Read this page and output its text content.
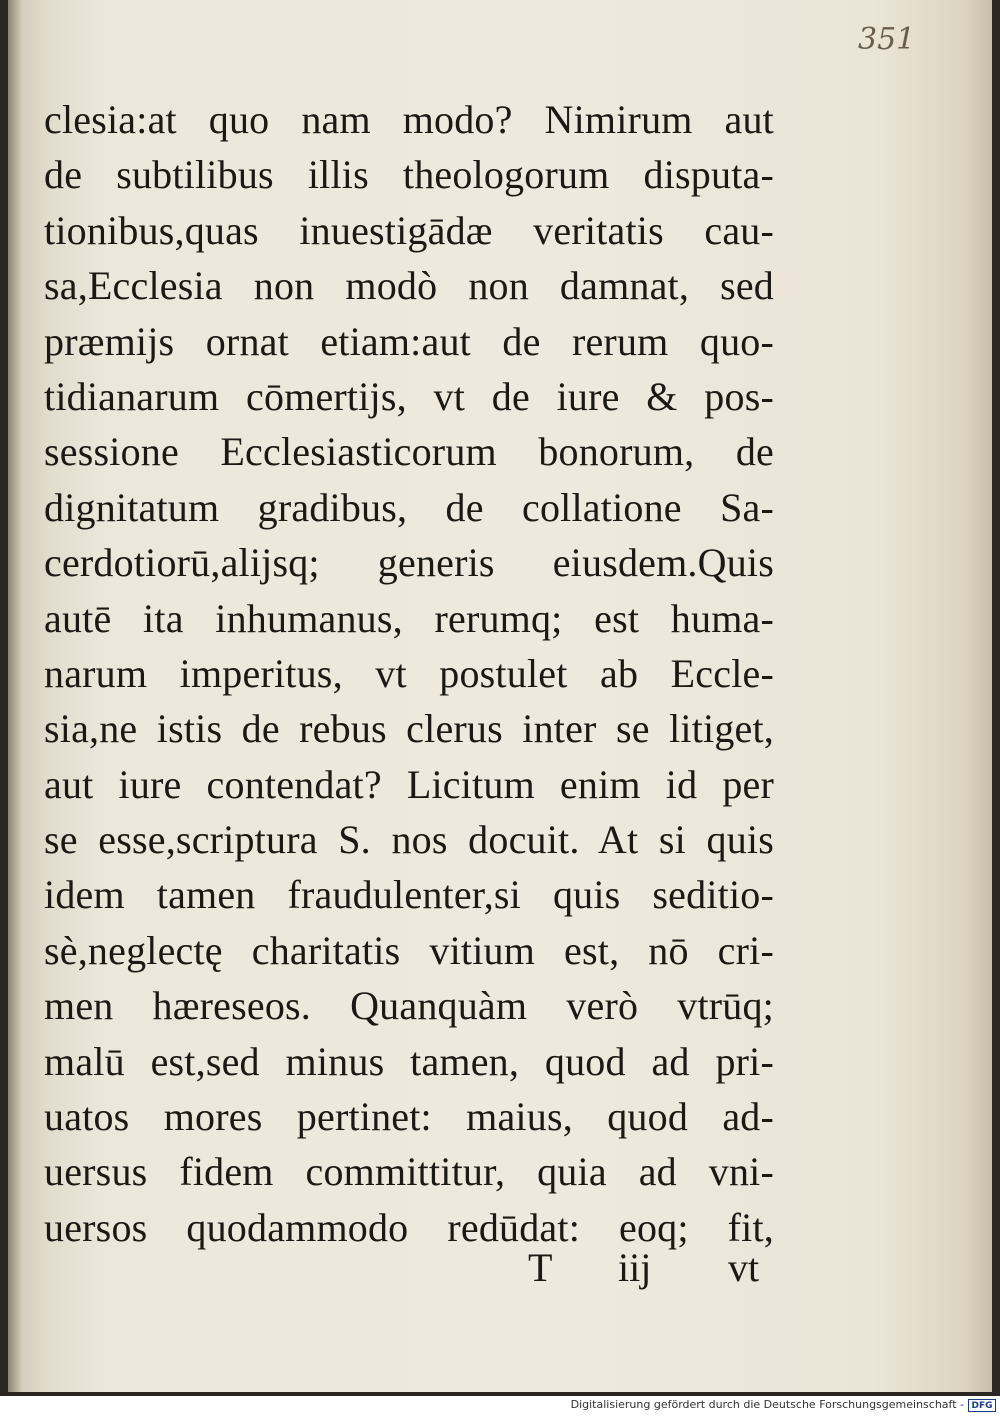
351
clesia:at quo nam modo? Nimirum aut
de subtilibus illis theologorum disputa-
tionibus,quas inuestigādæ veritatis cau-
sa,Ecclesia non modò non damnat, sed
præmijs ornat etiam:aut de rerum quo-
tidianarum cōmertijs, vt de iure & pos-
sessione Ecclesiasticorum bonorum, de
dignitatum gradibus, de collatione Sa-
cerdotiorū,alijsq; generis eiusdem.Quis
autē ita inhumanus, rerumq; est huma-
narum imperitus, vt postulet ab Eccle-
sia,ne istis de rebus clerus inter se litiget,
aut iure contendat? Licitum enim id per
se esse,scriptura S. nos docuit. At si quis
idem tamen fraudulenter,si quis seditio-
sè,neglectę charitatis vitium est, nō cri-
men hæreseos. Quanquàm verò vtrūq;
malū est,sed minus tamen, quod ad pri-
uatos mores pertinet: maius, quod ad-
uersus fidem committitur, quia ad vni-
uersos quodammodo redūdat: eoq; fit,
T iij vt
Digitalisierung gefördert durch die Deutsche Forschungsgemeinschaft - DFG
